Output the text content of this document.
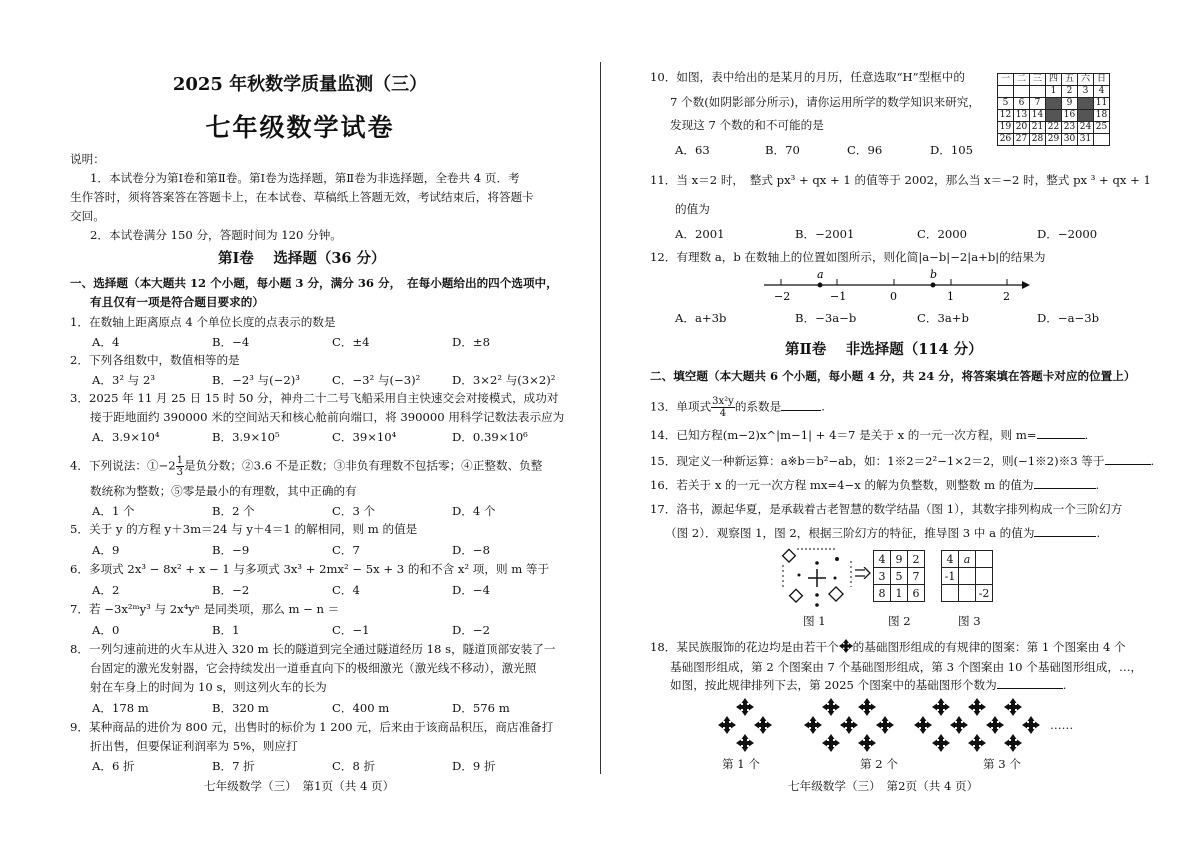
2025 年秋数学质量监测（三）
七年级数学试卷
说明：
1．本试卷分为第Ⅰ卷和第Ⅱ卷。第Ⅰ卷为选择题，第Ⅱ卷为非选择题，全卷共 4 页．考
生作答时，须将答案答在答题卡上，在本试卷、草稿纸上答题无效，考试结束后，将答题卡
交回。
2．本试卷满分 150 分，答题时间为 120 分钟。
第Ⅰ卷　 选择题（36 分）
一、选择题（本大题共 12 个小题，每小题 3 分，满分 36 分，　在每小题给出的四个选项中，
有且仅有一项是符合题目要求的）
1．在数轴上距离原点 4 个单位长度的点表示的数是
A．4	B．−4	C．±4	D．±8
2．下列各组数中，数值相等的是
A．3² 与 2³	B．−2³ 与(−2)³	C．−3² 与(−3)²	D．3×2² 与(3×2)²
3．2025 年 11 月 25 日 15 时 50 分，神舟二十二号飞船采用自主快速交会对接模式，成功对
接于距地面约 390000 米的空间站天和核心舱前向端口，将 390000 用科学记数法表示应为
A．3.9×10⁴	B．3.9×10⁵	C．39×10⁴	D．0.39×10⁶
4．下列说法：①−2 $\frac{1}{3}$ 是负分数；②3.6 不是正数；③非负有理数不包括零；④正整数、负整
数统称为整数；⑤零是最小的有理数，其中正确的有
A．1 个	B．2 个	C．3 个	D．4 个
5．关于 y 的方程 y＋3m＝24 与 y＋4＝1 的解相同，则 m 的值是
A．9	B．−9	C．7	D．−8
6．多项式 2x³ − 8x² + x − 1 与多项式 3x³ + 2mx² − 5x + 3 的和不含 x² 项，则 m 等于
A．2	B．−2	C．4	D．−4
7．若 −3x²ᵐy³ 与 2x⁴yⁿ 是同类项，那么 m − n ＝
A．0	B．1	C．−1	D．−2
8．一列匀速前进的火车从进入 320 m 长的隧道到完全通过隧道经历 18 s，隧道顶部安装了一
台固定的激光发射器，它会持续发出一道垂直向下的极细激光（激光线不移动），激光照
射在车身上的时间为 10 s，则这列火车的长为
A．178 m	B．320 m	C．400 m	D．576 m
9．某种商品的进价为 800 元，出售时的标价为 1 200 元，后来由于该商品积压，商店准备打
折出售，但要保证利润率为 5%，则应打
A．6 折	B．7 折	C．8 折	D．9 折
七年级数学（三）　第1页（共 4 页）
10．如图，表中给出的是某月的月历，任意选取“H”型框中的
7 个数(如阴影部分所示)，请你运用所学的数学知识来研究，
发现这 7 个数的和不可能的是
A．63	B．70	C．96	D．105
一	二	三	四	五	六	日
			1	2	3	4
5	6	7		9		11
12	13	14		16		18
19	20	21	22	23	24	25
26	27	28	29	30	31	
11．当 x＝2 时，　整式 px³ + qx + 1 的值等于 2002，那么当 x＝−2 时，整式 px ³ + qx + 1
的值为
A．2001	B．−2001	C．2000	D．−2000
12．有理数 a，b 在数轴上的位置如图所示，则化简|a−b|−2|a+b|的结果为
a	b
−2	−1	0	1	2
A．a+3b	B．−3a−b	C．3a+b	D．−a−3b
第Ⅱ卷　 非选择题（114 分）
二、填空题（本大题共 6 个小题，每小题 4 分，共 24 分，将答案填在答题卡对应的位置上）
13．单项式 $\frac{\text{3x²y}}{4}$ 的系数是	.
14．已知方程(m−2)x^|m−1| + 4＝7 是关于 x 的一元一次方程，则 m=	.
15．现定义一种新运算：a※b＝b²−ab，如：1※2＝2²−1×2＝2，则(−1※2)※3 等于	.
16．若关于 x 的一元一次方程 mx=4−x 的解为负整数，则整数 m 的值为	.
17．洛书，源起华夏，是承载着古老智慧的数学结晶（图 1），其数字排列构成一个三阶幻方
（图 2）．观察图 1，图 2，根据三阶幻方的特征，推导图 3 中 a 的值为	.
4	9	2
3	5	7
8	1	6
4	a	
-1		
		-2
图 1	图 2	图 3
18．某民族服饰的花边均是由若干个 的基础图形组成的有规律的图案：第 1 个图案由 4 个
基础图形组成，第 2 个图案由 7 个基础图形组成，第 3 个图案由 10 个基础图形组成，…，
如图，按此规律排列下去，第 2025 个图案中的基础图形个数为	.
……
第 1 个	第 2 个	第 3 个
七年级数学（三）　第2页（共 4 页）
